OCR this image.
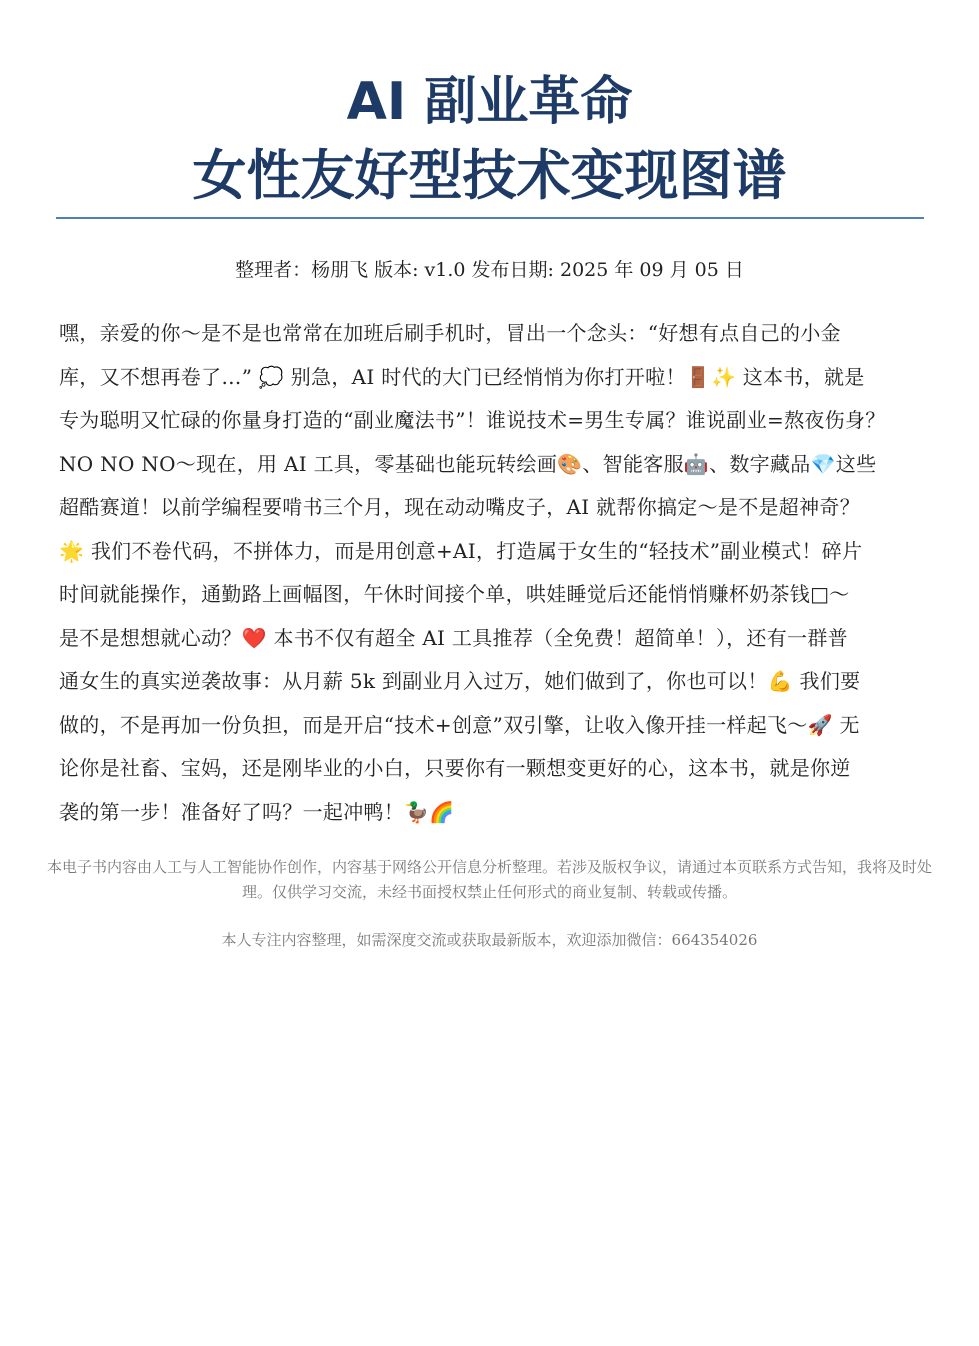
AI 副业革命
女性友好型技术变现图谱
整理者：杨朋飞 版本: v1.0 发布日期: 2025 年 09 月 05 日
嘿，亲爱的你～是不是也常常在加班后刷手机时，冒出一个念头：“好想有点自己的小金
库，又不想再卷了…” 💭 别急，AI 时代的大门已经悄悄为你打开啦！🚪✨ 这本书，就是
专为聪明又忙碌的你量身打造的“副业魔法书”！谁说技术=男生专属？谁说副业=熬夜伤身？
NO NO NO～现在，用 AI 工具，零基础也能玩转绘画🎨、智能客服🤖、数字藏品💎这些
超酷赛道！以前学编程要啃书三个月，现在动动嘴皮子，AI 就帮你搞定～是不是超神奇？
🌟 我们不卷代码，不拼体力，而是用创意+AI，打造属于女生的“轻技术”副业模式！碎片
时间就能操作，通勤路上画幅图，午休时间接个单，哄娃睡觉后还能悄悄赚杯奶茶钱□～
是不是想想就心动？❤️ 本书不仅有超全 AI 工具推荐（全免费！超简单！），还有一群普
通女生的真实逆袭故事：从月薪 5k 到副业月入过万，她们做到了，你也可以！💪 我们要
做的，不是再加一份负担，而是开启“技术+创意”双引擎，让收入像开挂一样起飞～🚀 无
论你是社畜、宝妈，还是刚毕业的小白，只要你有一颗想变更好的心，这本书，就是你逆
袭的第一步！准备好了吗？一起冲鸭！🦆🌈
本电子书内容由人工与人工智能协作创作，内容基于网络公开信息分析整理。若涉及版权争议，请通过本页联系方式告知，我将及时处理。仅供学习交流，未经书面授权禁止任何形式的商业复制、转载或传播。
本人专注内容整理，如需深度交流或获取最新版本，欢迎添加微信：664354026
